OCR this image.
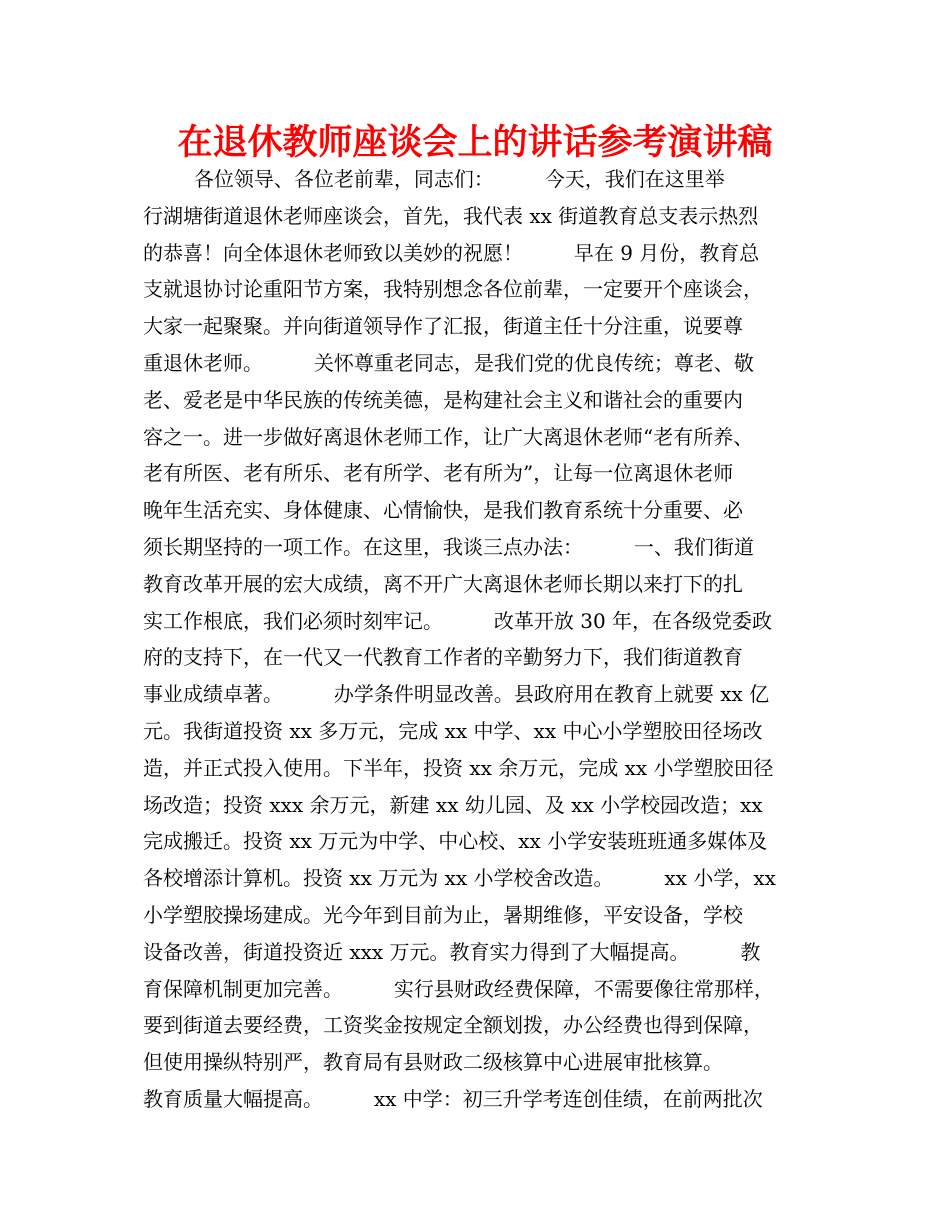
在退休教师座谈会上的讲话参考演讲稿
各位领导、各位老前辈，同志们：        今天，我们在这里举
行湖塘街道退休老师座谈会，首先，我代表 xx 街道教育总支表示热烈
的恭喜！向全体退休老师致以美妙的祝愿！        早在 9 月份，教育总
支就退协讨论重阳节方案，我特别想念各位前辈，一定要开个座谈会，
大家一起聚聚。并向街道领导作了汇报，街道主任十分注重，说要尊
重退休老师。        关怀尊重老同志，是我们党的优良传统；尊老、敬
老、爱老是中华民族的传统美德，是构建社会主义和谐社会的重要内
容之一。进一步做好离退休老师工作，让广大离退休老师“老有所养、
老有所医、老有所乐、老有所学、老有所为”，让每一位离退休老师
晚年生活充实、身体健康、心情愉快，是我们教育系统十分重要、必
须长期坚持的一项工作。在这里，我谈三点办法：        一、我们街道
教育改革开展的宏大成绩，离不开广大离退休老师长期以来打下的扎
实工作根底，我们必须时刻牢记。        改革开放 30 年，在各级党委政
府的支持下，在一代又一代教育工作者的辛勤努力下，我们街道教育
事业成绩卓著。        办学条件明显改善。县政府用在教育上就要 xx 亿
元。我街道投资 xx 多万元，完成 xx 中学、xx 中心小学塑胶田径场改
造，并正式投入使用。下半年，投资 xx 余万元，完成 xx 小学塑胶田径
场改造；投资 xxx 余万元，新建 xx 幼儿园、及 xx 小学校园改造；xx
完成搬迁。投资 xx 万元为中学、中心校、xx 小学安装班班通多媒体及
各校增添计算机。投资 xx 万元为 xx 小学校舍改造。        xx 小学，xx
小学塑胶操场建成。光今年到目前为止，暑期维修，平安设备，学校
设备改善，街道投资近 xxx 万元。教育实力得到了大幅提高。        教
育保障机制更加完善。        实行县财政经费保障，不需要像往常那样，
要到街道去要经费，工资奖金按规定全额划拨，办公经费也得到保障，
但使用操纵特别严，教育局有县财政二级核算中心进展审批核算。
教育质量大幅提高。        xx 中学：初三升学考连创佳绩，在前两批次
